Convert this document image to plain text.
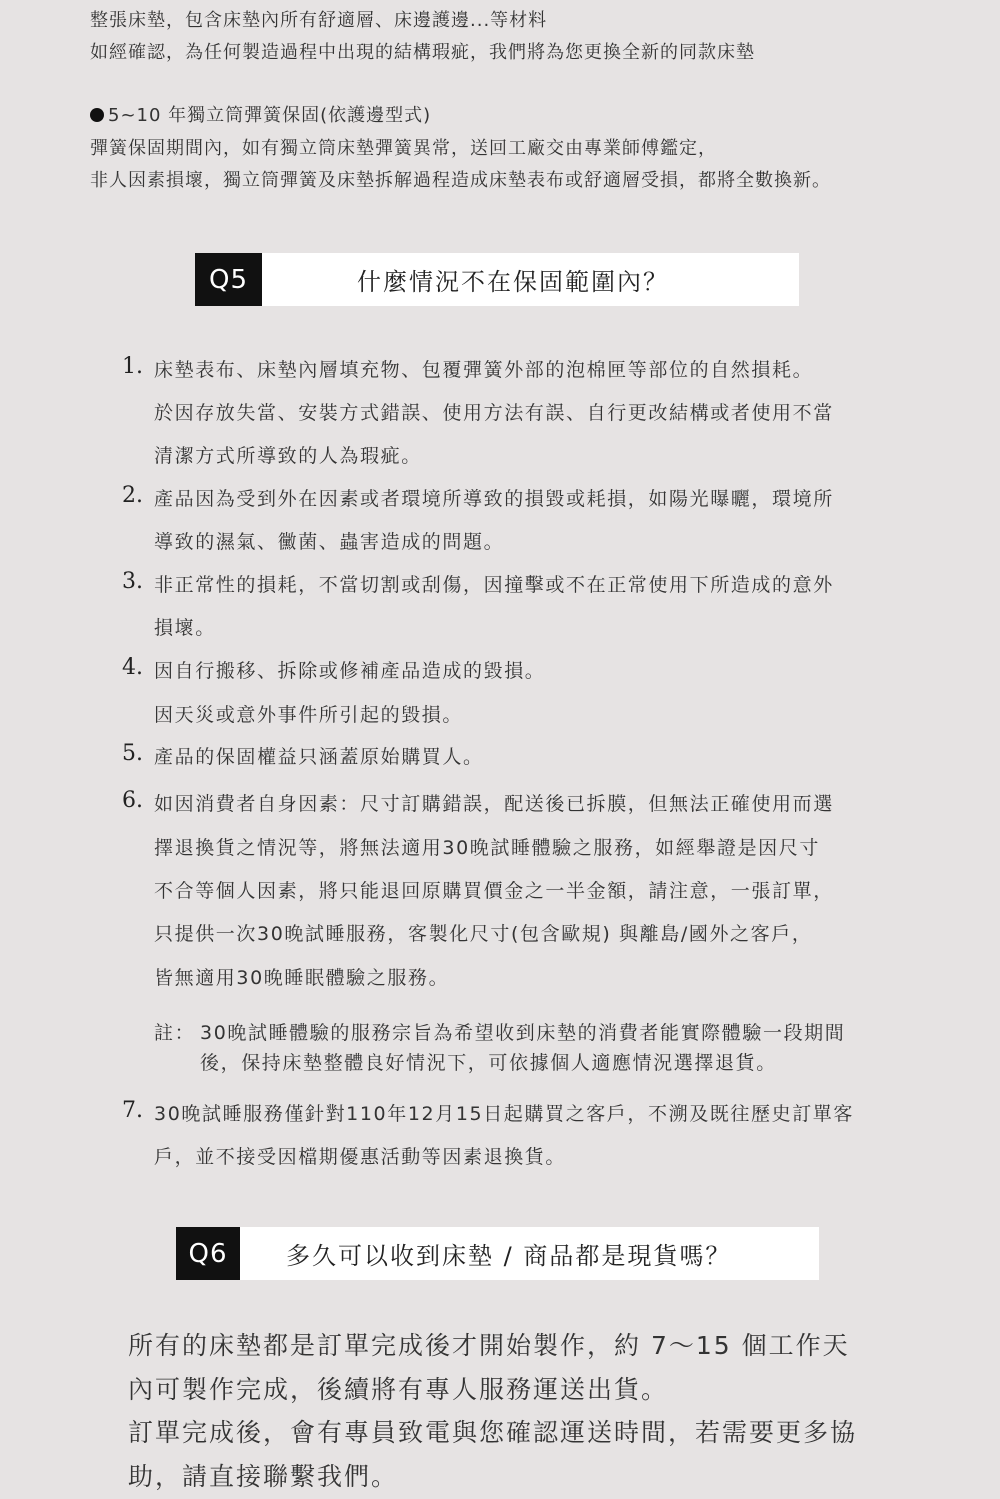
整張床墊，包含床墊內所有舒適層、床邊護邊...等材料
如經確認，為任何製造過程中出現的結構瑕疵，我們將為您更換全新的同款床墊
5~10 年獨立筒彈簧保固(依護邊型式)
彈簧保固期間內，如有獨立筒床墊彈簧異常，送回工廠交由專業師傅鑑定，
非人因素損壞，獨立筒彈簧及床墊拆解過程造成床墊表布或舒適層受損，都將全數換新。
Q5	什麼情況不在保固範圍內？
1. 床墊表布、床墊內層填充物、包覆彈簧外部的泡棉匣等部位的自然損耗。
於因存放失當、安裝方式錯誤、使用方法有誤、自行更改結構或者使用不當
清潔方式所導致的人為瑕疵。
2. 產品因為受到外在因素或者環境所導致的損毀或耗損，如陽光曝曬，環境所
導致的濕氣、黴菌、蟲害造成的問題。
3. 非正常性的損耗，不當切割或刮傷，因撞擊或不在正常使用下所造成的意外
損壞。
4. 因自行搬移、拆除或修補產品造成的毀損。
因天災或意外事件所引起的毀損。
5. 產品的保固權益只涵蓋原始購買人。
6. 如因消費者自身因素：尺寸訂購錯誤，配送後已拆膜，但無法正確使用而選
擇退換貨之情況等，將無法適用30晚試睡體驗之服務，如經舉證是因尺寸
不合等個人因素，將只能退回原購買價金之一半金額，請注意，一張訂單，
只提供一次30晚試睡服務，客製化尺寸(包含歐規) 與離島/國外之客戶，
皆無適用30晚睡眠體驗之服務。
7. 30晚試睡服務僅針對110年12月15日起購買之客戶，不溯及既往歷史訂單客
戶，並不接受因檔期優惠活動等因素退換貨。
註： 30晚試睡體驗的服務宗旨為希望收到床墊的消費者能實際體驗一段期間
後，保持床墊整體良好情況下，可依據個人適應情況選擇退貨。
Q6	多久可以收到床墊 / 商品都是現貨嗎？
所有的床墊都是訂單完成後才開始製作，約 7～15 個工作天
內可製作完成，後續將有專人服務運送出貨。
訂單完成後，會有專員致電與您確認運送時間，若需要更多協
助，請直接聯繫我們。
